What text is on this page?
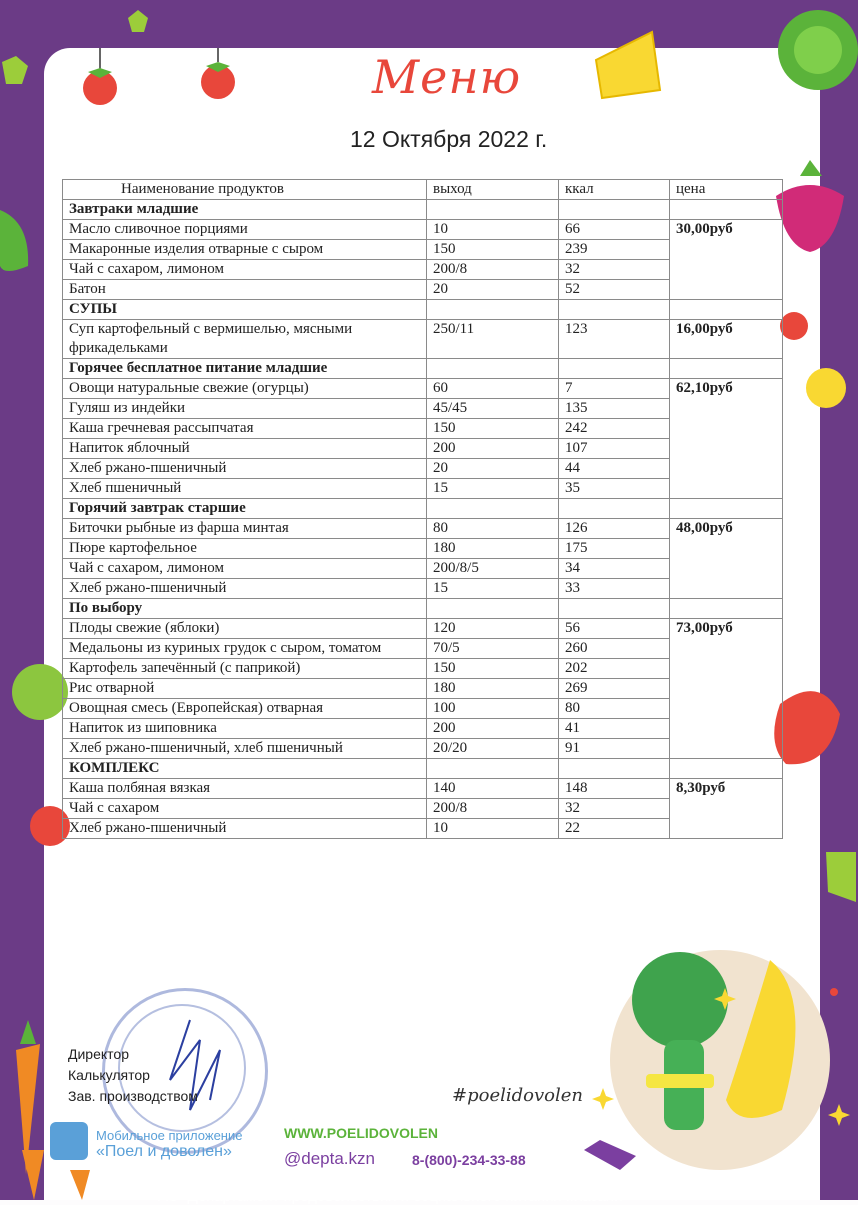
Меню
12 Октября 2022 г.
Наименование продуктов	выход	ккал	цена
Завтраки младшие			
Масло сливочное порциями	10	66	30,00руб
Макаронные изделия отварные с сыром	150	239	
Чай с сахаром, лимоном	200/8	32	
Батон	20	52	
СУПЫ			
Суп картофельный с вермишелью, мясными фрикадельками	250/11	123	16,00руб
Горячее бесплатное питание младшие			
Овощи натуральные свежие (огурцы)	60	7	62,10руб
Гуляш из индейки	45/45	135	
Каша гречневая рассыпчатая	150	242	
Напиток яблочный	200	107	
Хлеб ржано-пшеничный	20	44	
Хлеб пшеничный	15	35	
Горячий завтрак старшие			
Биточки рыбные из фарша минтая	80	126	48,00руб
Пюре картофельное	180	175	
Чай с сахаром, лимоном	200/8/5	34	
Хлеб ржано-пшеничный	15	33	
По выбору			
Плоды свежие (яблоки)	120	56	73,00руб
Медальоны из куриных грудок с сыром, томатом	70/5	260	
Картофель запечённый (с паприкой)	150	202	
Рис отварной	180	269	
Овощная смесь (Европейская) отварная	100	80	
Напиток из шиповника	200	41	
Хлеб ржано-пшеничный, хлеб пшеничный	20/20	91	
КОМПЛЕКС			
Каша полбяная вязкая	140	148	8,30руб
Чай с сахаром	200/8	32	
Хлеб ржано-пшеничный	10	22	
Директор
Калькулятор
Зав. производством	#poelidovolen
Мобильное приложение
«Поел и доволен»
WWW.POELIDOVOLEN
@depta.kzn	8-(800)-234-33-88
АО«Департамент продовольствия и социального питания г.Казани»
